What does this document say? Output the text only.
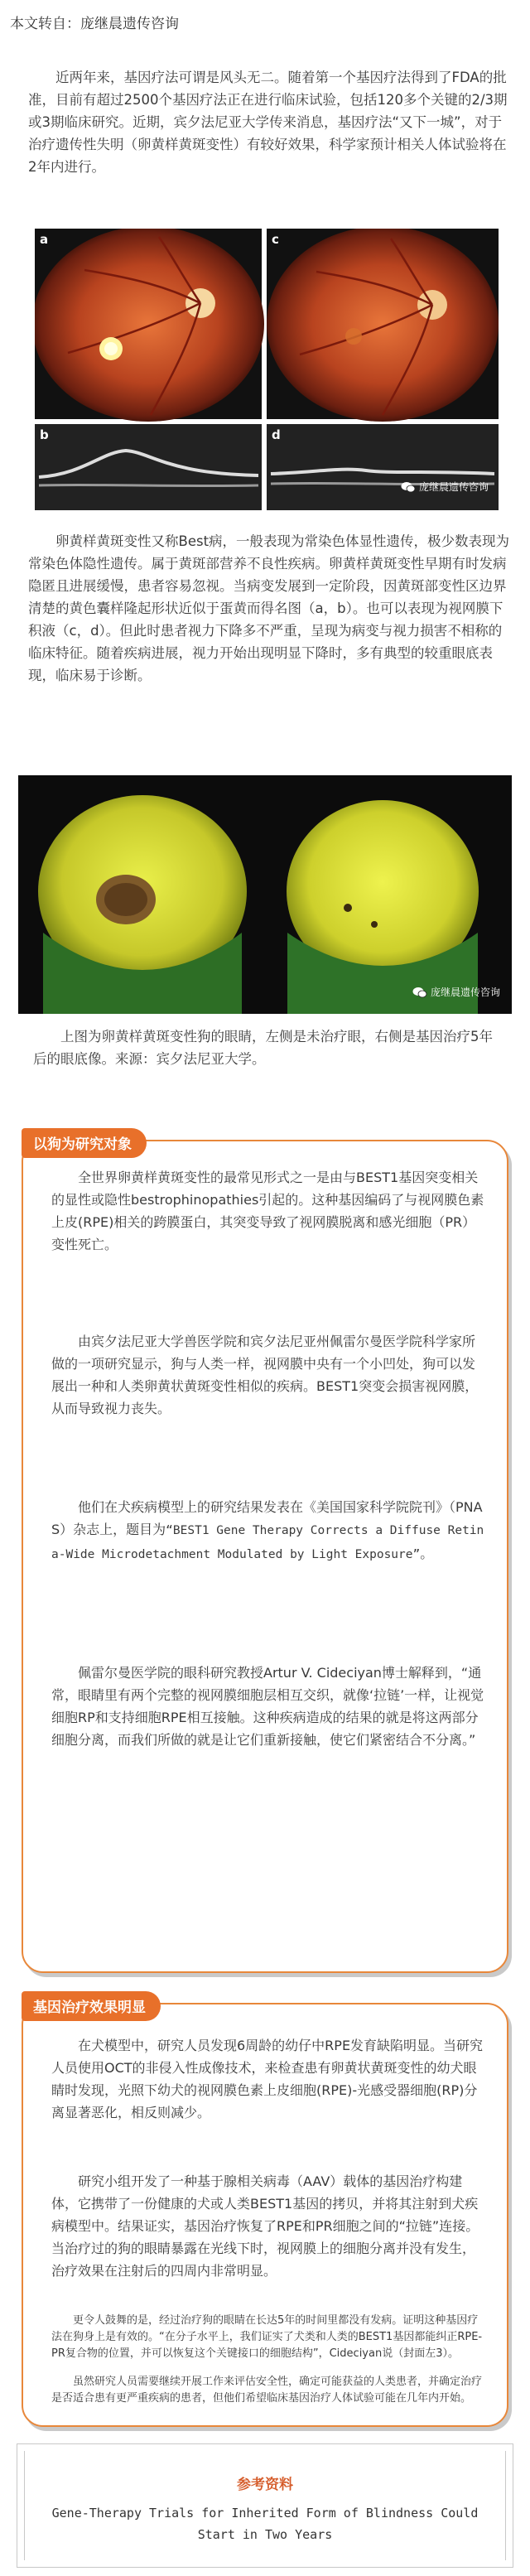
本文转自：庞继晨遗传咨询

近两年来，基因疗法可谓是风头无二。随着第一个基因疗法得到了FDA的批准，目前有超过2500个基因疗法正在进行临床试验，包括120多个关键的2/3期或3期临床研究。近期，宾夕法尼亚大学传来消息，基因疗法“又下一城”，对于治疗遗传性失明（卵黄样黄斑变性）有较好效果，科学家预计相关人体试验将在2年内进行。

a	c
b	d
庞继晨遗传咨询

卵黄样黄斑变性又称Best病，一般表现为常染色体显性遗传，极少数表现为常染色体隐性遗传。属于黄斑部营养不良性疾病。卵黄样黄斑变性早期有时发病隐匿且进展缓慢，患者容易忽视。当病变发展到一定阶段，因黄斑部变性区边界清楚的黄色囊样隆起形状近似于蛋黄而得名图（a，b）。也可以表现为视网膜下积液（c，d）。但此时患者视力下降多不严重，呈现为病变与视力损害不相称的临床特征。随着疾病进展，视力开始出现明显下降时，多有典型的较重眼底表现，临床易于诊断。

庞继晨遗传咨询

上图为卵黄样黄斑变性狗的眼睛，左侧是未治疗眼，右侧是基因治疗5年后的眼底像。来源：宾夕法尼亚大学。

以狗为研究对象

全世界卵黄样黄斑变性的最常见形式之一是由与BEST1基因突变相关的显性或隐性bestrophinopathies引起的。这种基因编码了与视网膜色素上皮(RPE)相关的跨膜蛋白，其突变导致了视网膜脱离和感光细胞（PR）变性死亡。

由宾夕法尼亚大学兽医学院和宾夕法尼亚州佩雷尔曼医学院科学家所做的一项研究显示，狗与人类一样，视网膜中央有一个小凹处，狗可以发展出一种和人类卵黄状黄斑变性相似的疾病。BEST1突变会损害视网膜，从而导致视力丧失。

他们在犬疾病模型上的研究结果发表在《美国国家科学院院刊》（PNAS）杂志上，题目为“BEST1 Gene Therapy Corrects a Diffuse Retina-Wide Microdetachment Modulated by Light Exposure”。

佩雷尔曼医学院的眼科研究教授Artur V. Cideciyan博士解释到，“通常，眼睛里有两个完整的视网膜细胞层相互交织，就像‘拉链’一样，让视觉细胞RP和支持细胞RPE相互接触。这种疾病造成的结果的就是将这两部分细胞分离，而我们所做的就是让它们重新接触，使它们紧密结合不分离。”

基因治疗效果明显

在犬模型中，研究人员发现6周龄的幼仔中RPE发育缺陷明显。当研究人员使用OCT的非侵入性成像技术，来检查患有卵黄状黄斑变性的幼犬眼睛时发现，光照下幼犬的视网膜色素上皮细胞(RPE)-光感受器细胞(RP)分离显著恶化，相反则减少。

研究小组开发了一种基于腺相关病毒（AAV）载体的基因治疗构建体，它携带了一份健康的犬或人类BEST1基因的拷贝，并将其注射到犬疾病模型中。结果证实，基因治疗恢复了RPE和PR细胞之间的“拉链”连接。当治疗过的狗的眼睛暴露在光线下时，视网膜上的细胞分离并没有发生，治疗效果在注射后的四周内非常明显。

更令人鼓舞的是，经过治疗狗的眼睛在长达5年的时间里都没有发病。证明这种基因疗法在狗身上是有效的。“在分子水平上，我们证实了犬类和人类的BEST1基因都能纠正RPE-PR复合物的位置，并可以恢复这个关键接口的细胞结构”，Cideciyan说（封面左3）。

虽然研究人员需要继续开展工作来评估安全性，确定可能获益的人类患者，并确定治疗是否适合患有更严重疾病的患者，但他们希望临床基因治疗人体试验可能在几年内开始。

参考资料
Gene-Therapy Trials for Inherited Form of Blindness Could Start in Two Years
